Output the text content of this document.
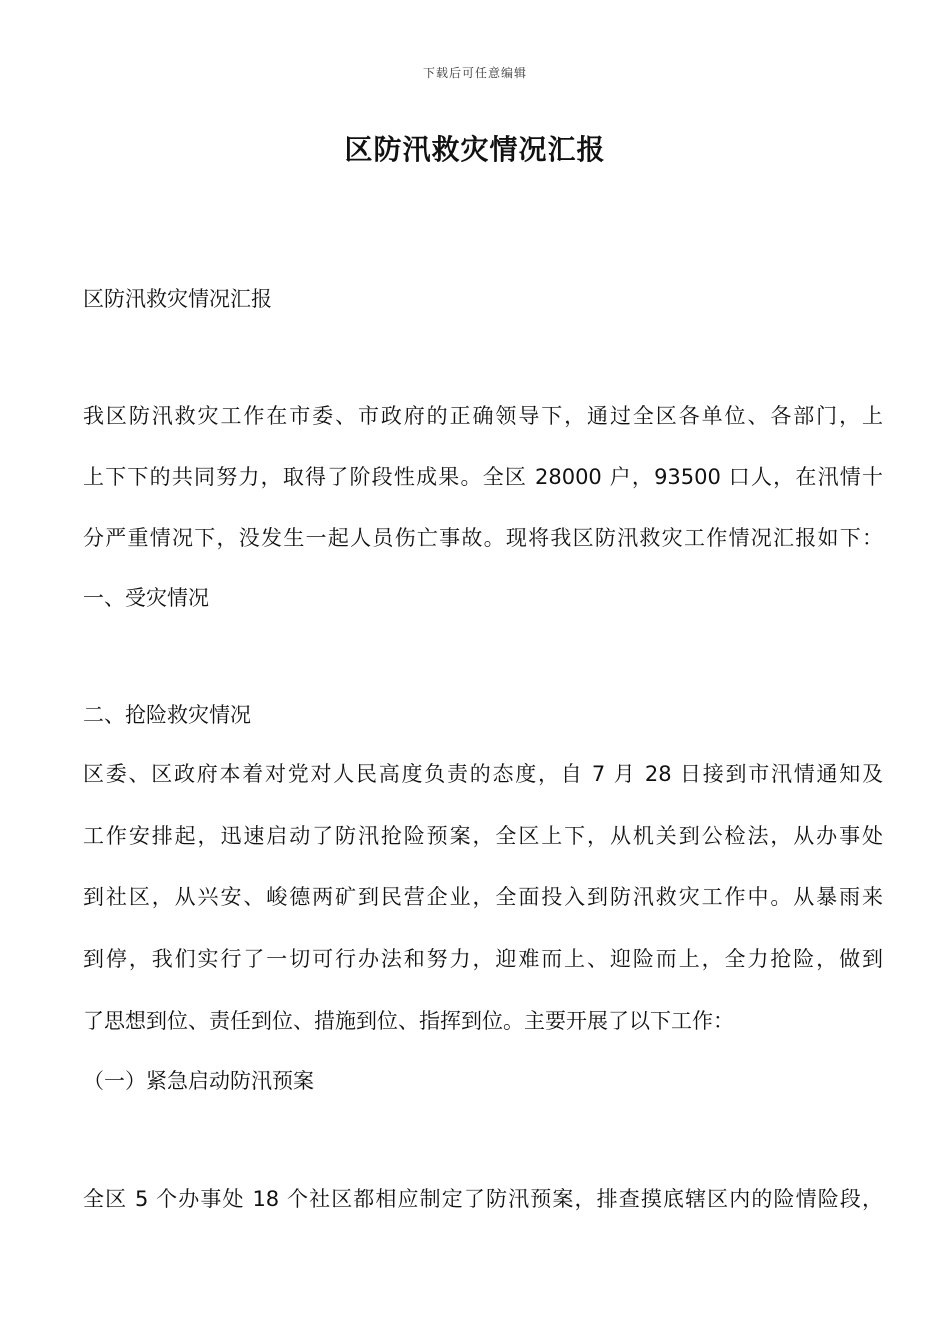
下载后可任意编辑
区防汛救灾情况汇报

区防汛救灾情况汇报

我区防汛救灾工作在市委、市政府的正确领导下，通过全区各单位、各部门，上

上下下的共同努力，取得了阶段性成果。全区 28000 户，93500 口人，在汛情十

分严重情况下，没发生一起人员伤亡事故。现将我区防汛救灾工作情况汇报如下：

一、受灾情况

二、抢险救灾情况

区委、区政府本着对党对人民高度负责的态度，自 7 月 28 日接到市汛情通知及

工作安排起，迅速启动了防汛抢险预案，全区上下，从机关到公检法，从办事处

到社区，从兴安、峻德两矿到民营企业，全面投入到防汛救灾工作中。从暴雨来

到停，我们实行了一切可行办法和努力，迎难而上、迎险而上，全力抢险，做到

了思想到位、责任到位、措施到位、指挥到位。主要开展了以下工作：

（一）紧急启动防汛预案

全区 5 个办事处 18 个社区都相应制定了防汛预案，排查摸底辖区内的险情险段，
